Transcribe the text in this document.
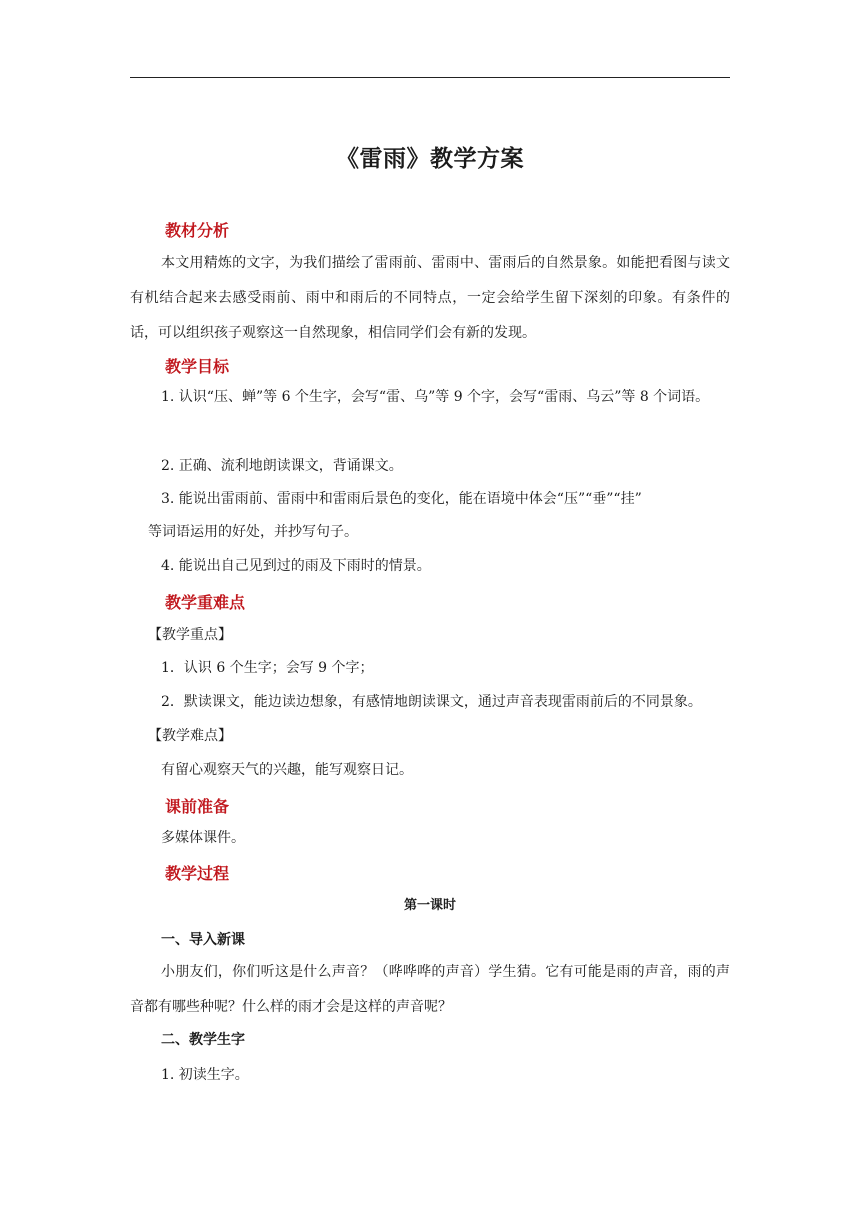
《雷雨》教学方案
教材分析
本文用精炼的文字，为我们描绘了雷雨前、雷雨中、雷雨后的自然景象。如能把看图与读文有机结合起来去感受雨前、雨中和雨后的不同特点，一定会给学生留下深刻的印象。有条件的话，可以组织孩子观察这一自然现象，相信同学们会有新的发现。
教学目标
1. 认识“压、蝉”等 6 个生字，会写“雷、乌”等 9 个字，会写“雷雨、乌云”等 8 个词语。
2. 正确、流利地朗读课文，背诵课文。
3. 能说出雷雨前、雷雨中和雷雨后景色的变化，能在语境中体会“压”“垂”“挂”
等词语运用的好处，并抄写句子。
4. 能说出自己见到过的雨及下雨时的情景。
教学重难点
【教学重点】
1．认识 6 个生字；会写 9 个字；
2．默读课文，能边读边想象，有感情地朗读课文，通过声音表现雷雨前后的不同景象。
【教学难点】
有留心观察天气的兴趣，能写观察日记。
课前准备
多媒体课件。
教学过程
第一课时
一、导入新课
小朋友们，你们听这是什么声音？（哗哗哗的声音）学生猜。它有可能是雨的声音，雨的声音都有哪些种呢？什么样的雨才会是这样的声音呢？
二、教学生字
1. 初读生字。
